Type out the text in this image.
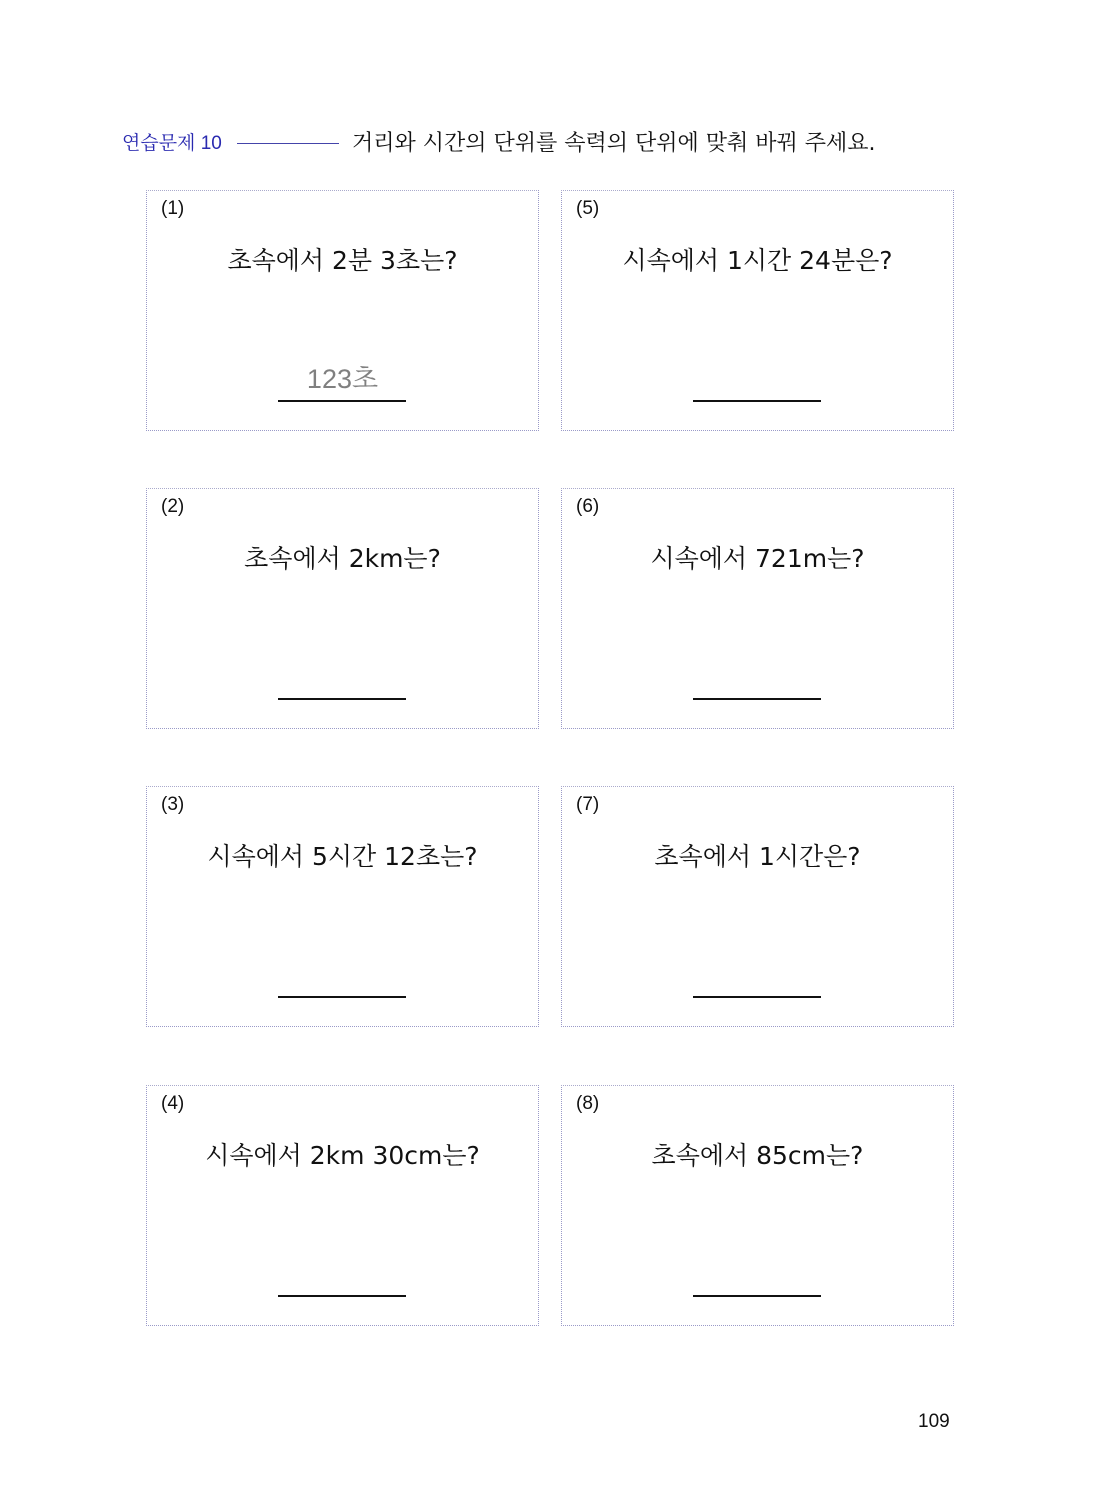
연습문제 10	거리와 시간의 단위를 속력의 단위에 맞춰 바꿔 주세요.
(1)
초속에서 2분 3초는?
123초
(2)
초속에서 2km는?
(3)
시속에서 5시간 12초는?
(4)
시속에서 2km 30cm는?
(5)
시속에서 1시간 24분은?
(6)
시속에서 721m는?
(7)
초속에서 1시간은?
(8)
초속에서 85cm는?
109
